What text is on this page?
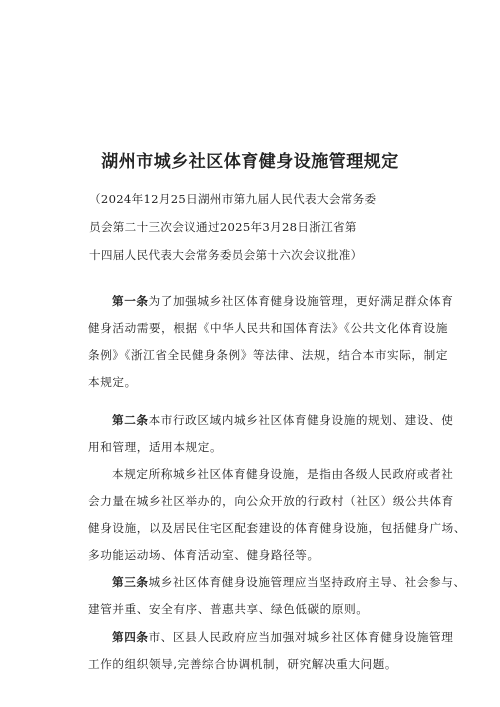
湖州市城乡社区体育健身设施管理规定
（2024年12月25日湖州市第九届人民代表大会常务委
员会第二十三次会议通过2025年3月28日浙江省第
十四届人民代表大会常务委员会第十六次会议批准）
第一条为了加强城乡社区体育健身设施管理，更好满足群众体育
健身活动需要，根据《中华人民共和国体育法》《公共文化体育设施
条例》《浙江省全民健身条例》等法律、法规，结合本市实际，制定
本规定。
第二条本市行政区域内城乡社区体育健身设施的规划、建设、使
用和管理，适用本规定。
本规定所称城乡社区体育健身设施，是指由各级人民政府或者社
会力量在城乡社区举办的，向公众开放的行政村（社区）级公共体育
健身设施，以及居民住宅区配套建设的体育健身设施，包括健身广场、
多功能运动场、体育活动室、健身路径等。
第三条城乡社区体育健身设施管理应当坚持政府主导、社会参与、
建管并重、安全有序、普惠共享、绿色低碳的原则。
第四条市、区县人民政府应当加强对城乡社区体育健身设施管理
工作的组织领导,完善综合协调机制，研究解决重大问题。
